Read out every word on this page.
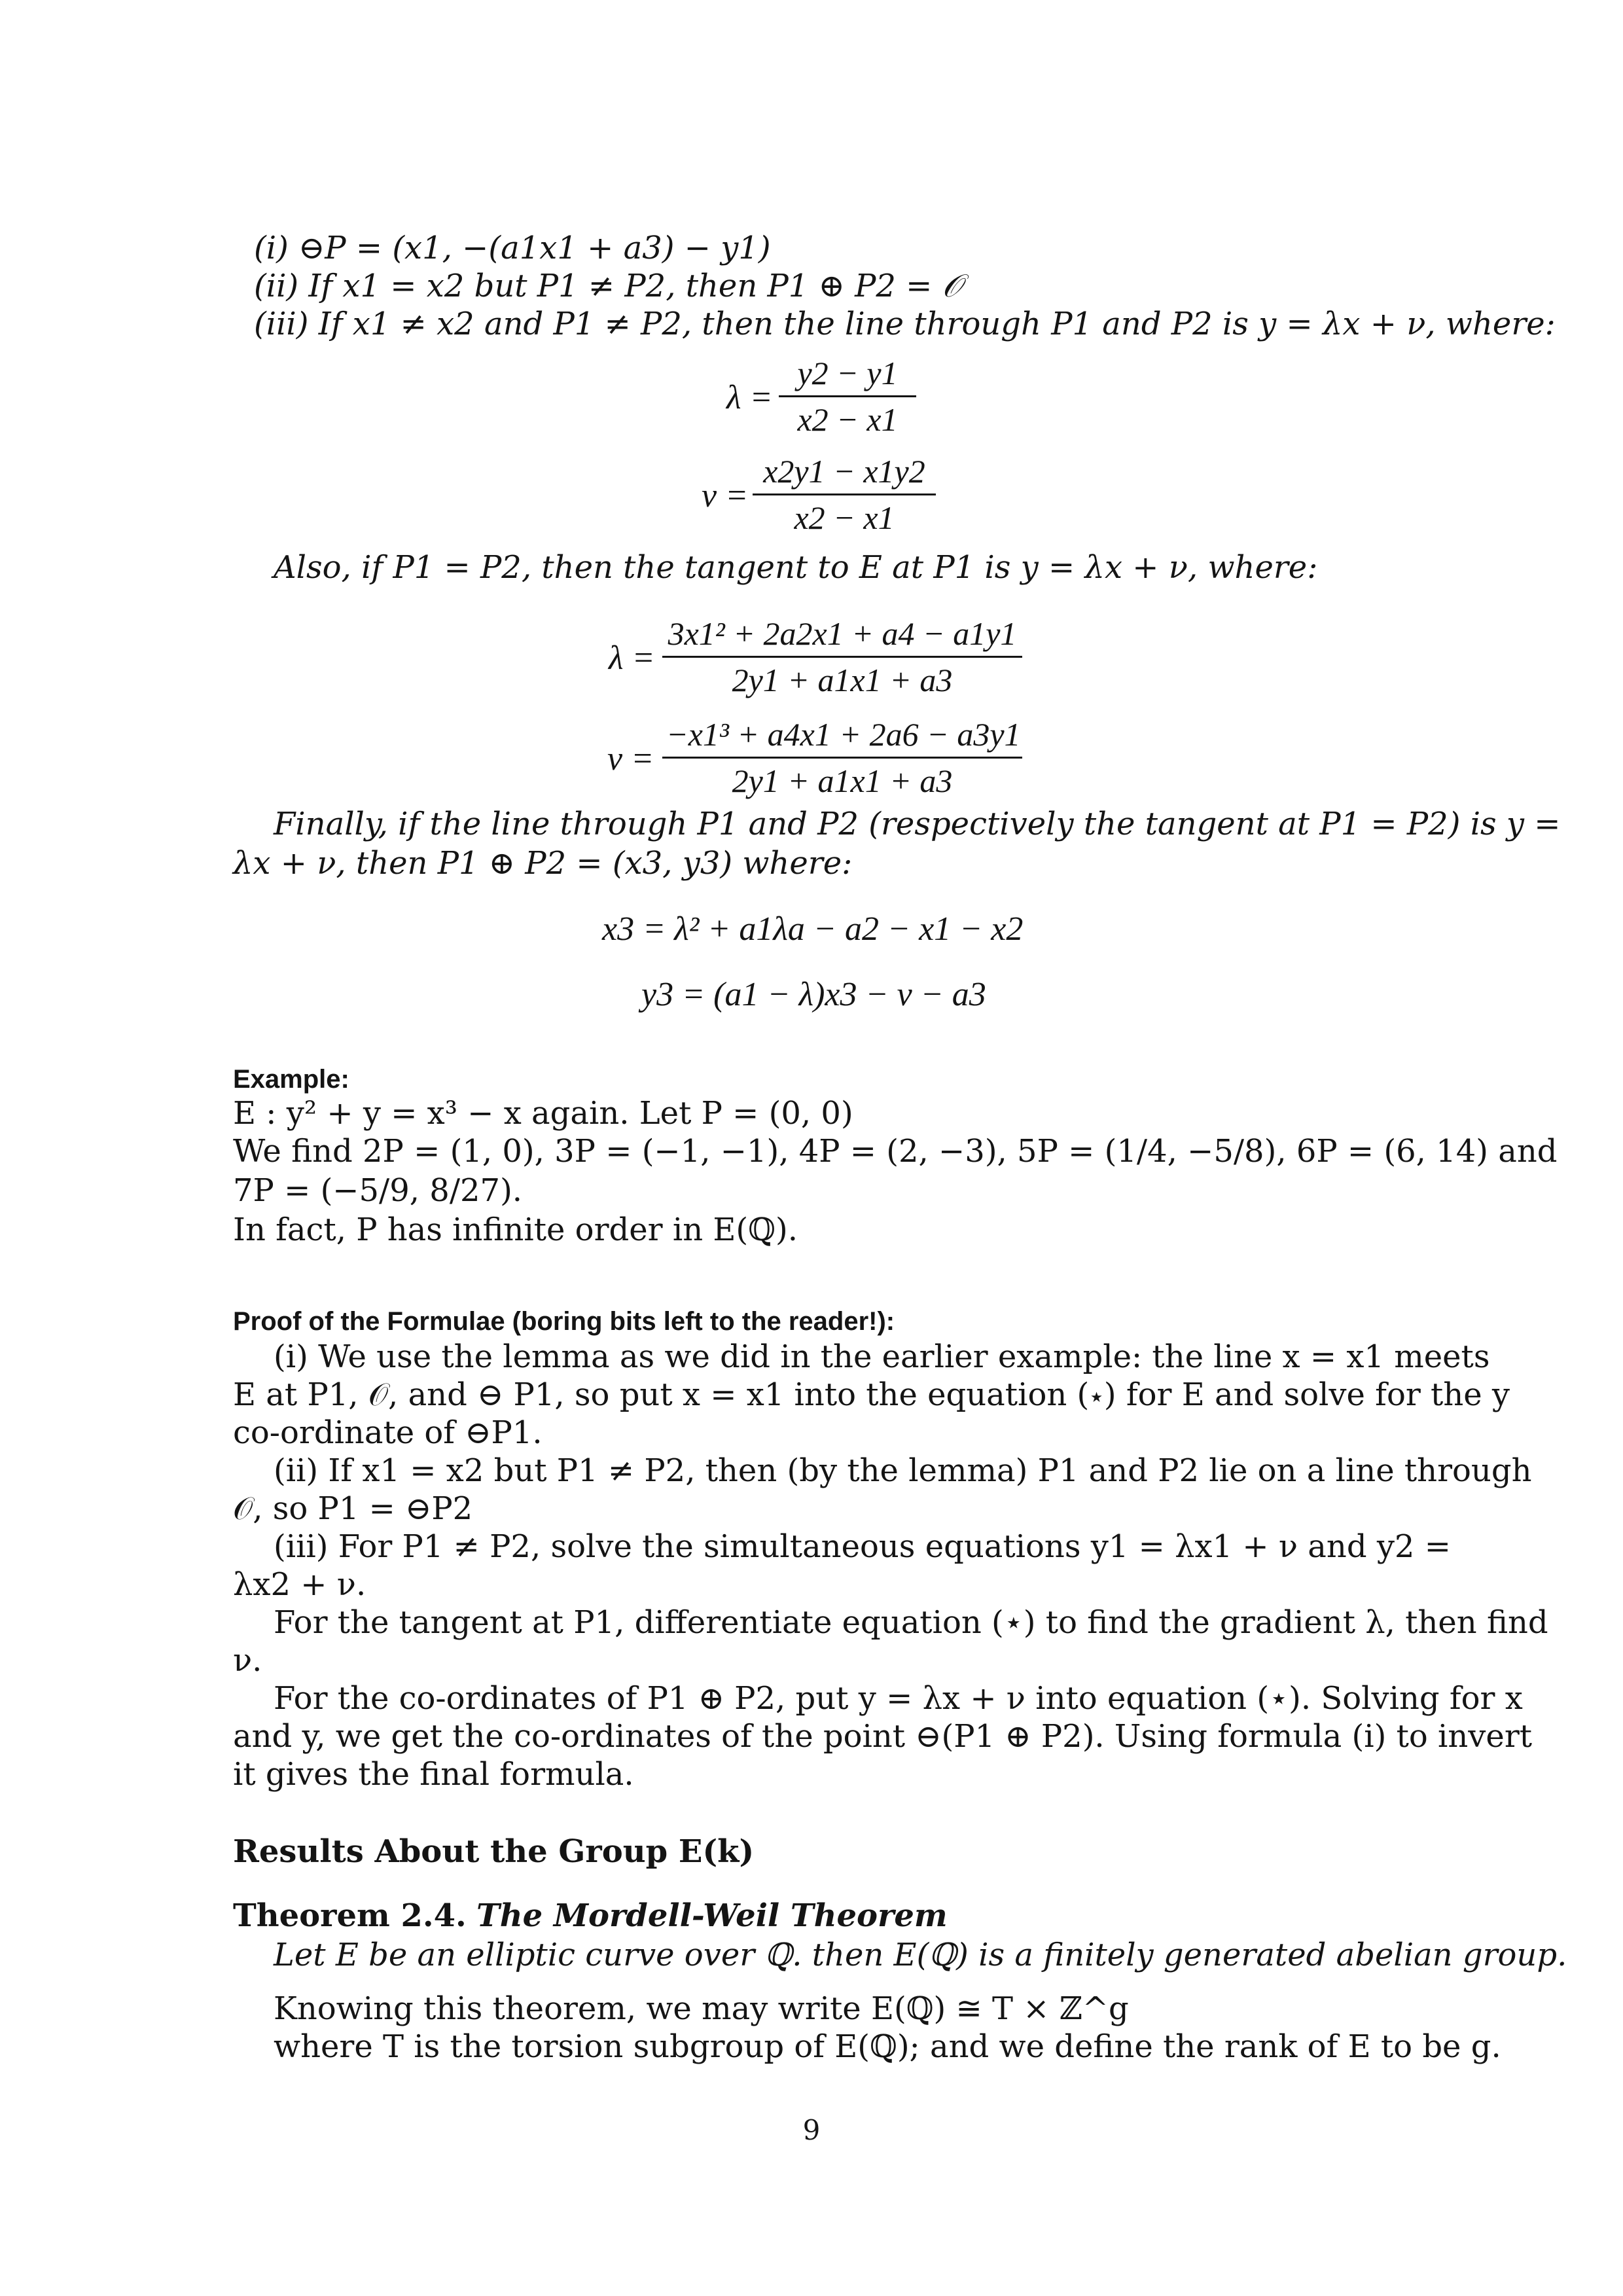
(i) ⊖P = (x1, −(a1x1 + a3) − y1)
(ii) If x1 = x2 but P1 ≠ P2, then P1 ⊕ P2 = 𝒪
(iii) If x1 ≠ x2 and P1 ≠ P2, then the line through P1 and P2 is y = λx + ν, where:
$\lambda = \frac{y2 - y1}{x2 - x1}$
$\nu = \frac{x2y1 - x1y2}{x2 - x1}$
Also, if P1 = P2, then the tangent to E at P1 is y = λx + ν, where:
$\lambda = \frac{\text{3x1² + 2a2x1 + a4 − a1y1}}{2y1 + a1x1 + a3}$
$\nu = \frac{\text{−x1³ + a4x1 + 2a6 − a3y1}}{2y1 + a1x1 + a3}$
Finally, if the line through P1 and P2 (respectively the tangent at P1 = P2) is y =
λx + ν, then P1 ⊕ P2 = (x3, y3) where:
x3 = λ² + a1λa − a2 − x1 − x2
y3 = (a1 − λ)x3 − ν − a3
Example:
E : y² + y = x³ − x again. Let P = (0, 0)
We find 2P = (1, 0), 3P = (−1, −1), 4P = (2, −3), 5P = (1/4, −5/8), 6P = (6, 14) and
7P = (−5/9, 8/27).
In fact, P has infinite order in E(ℚ).
Proof of the Formulae (boring bits left to the reader!):
(i) We use the lemma as we did in the earlier example: the line x = x1 meets
E at P1, 𝒪, and ⊖ P1, so put x = x1 into the equation (⋆) for E and solve for the y
co-ordinate of ⊖P1.
(ii) If x1 = x2 but P1 ≠ P2, then (by the lemma) P1 and P2 lie on a line through
𝒪, so P1 = ⊖P2
(iii) For P1 ≠ P2, solve the simultaneous equations y1 = λx1 + ν and y2 =
λx2 + ν.
For the tangent at P1, differentiate equation (⋆) to find the gradient λ, then find
ν.
For the co-ordinates of P1 ⊕ P2, put y = λx + ν into equation (⋆). Solving for x
and y, we get the co-ordinates of the point ⊖(P1 ⊕ P2). Using formula (i) to invert
it gives the final formula.
Results About the Group E(k)
Theorem 2.4. The Mordell-Weil Theorem
Let E be an elliptic curve over ℚ. then E(ℚ) is a finitely generated abelian group.
Knowing this theorem, we may write E(ℚ) ≅ T × ℤ^g
where T is the torsion subgroup of E(ℚ); and we define the rank of E to be g.
9
